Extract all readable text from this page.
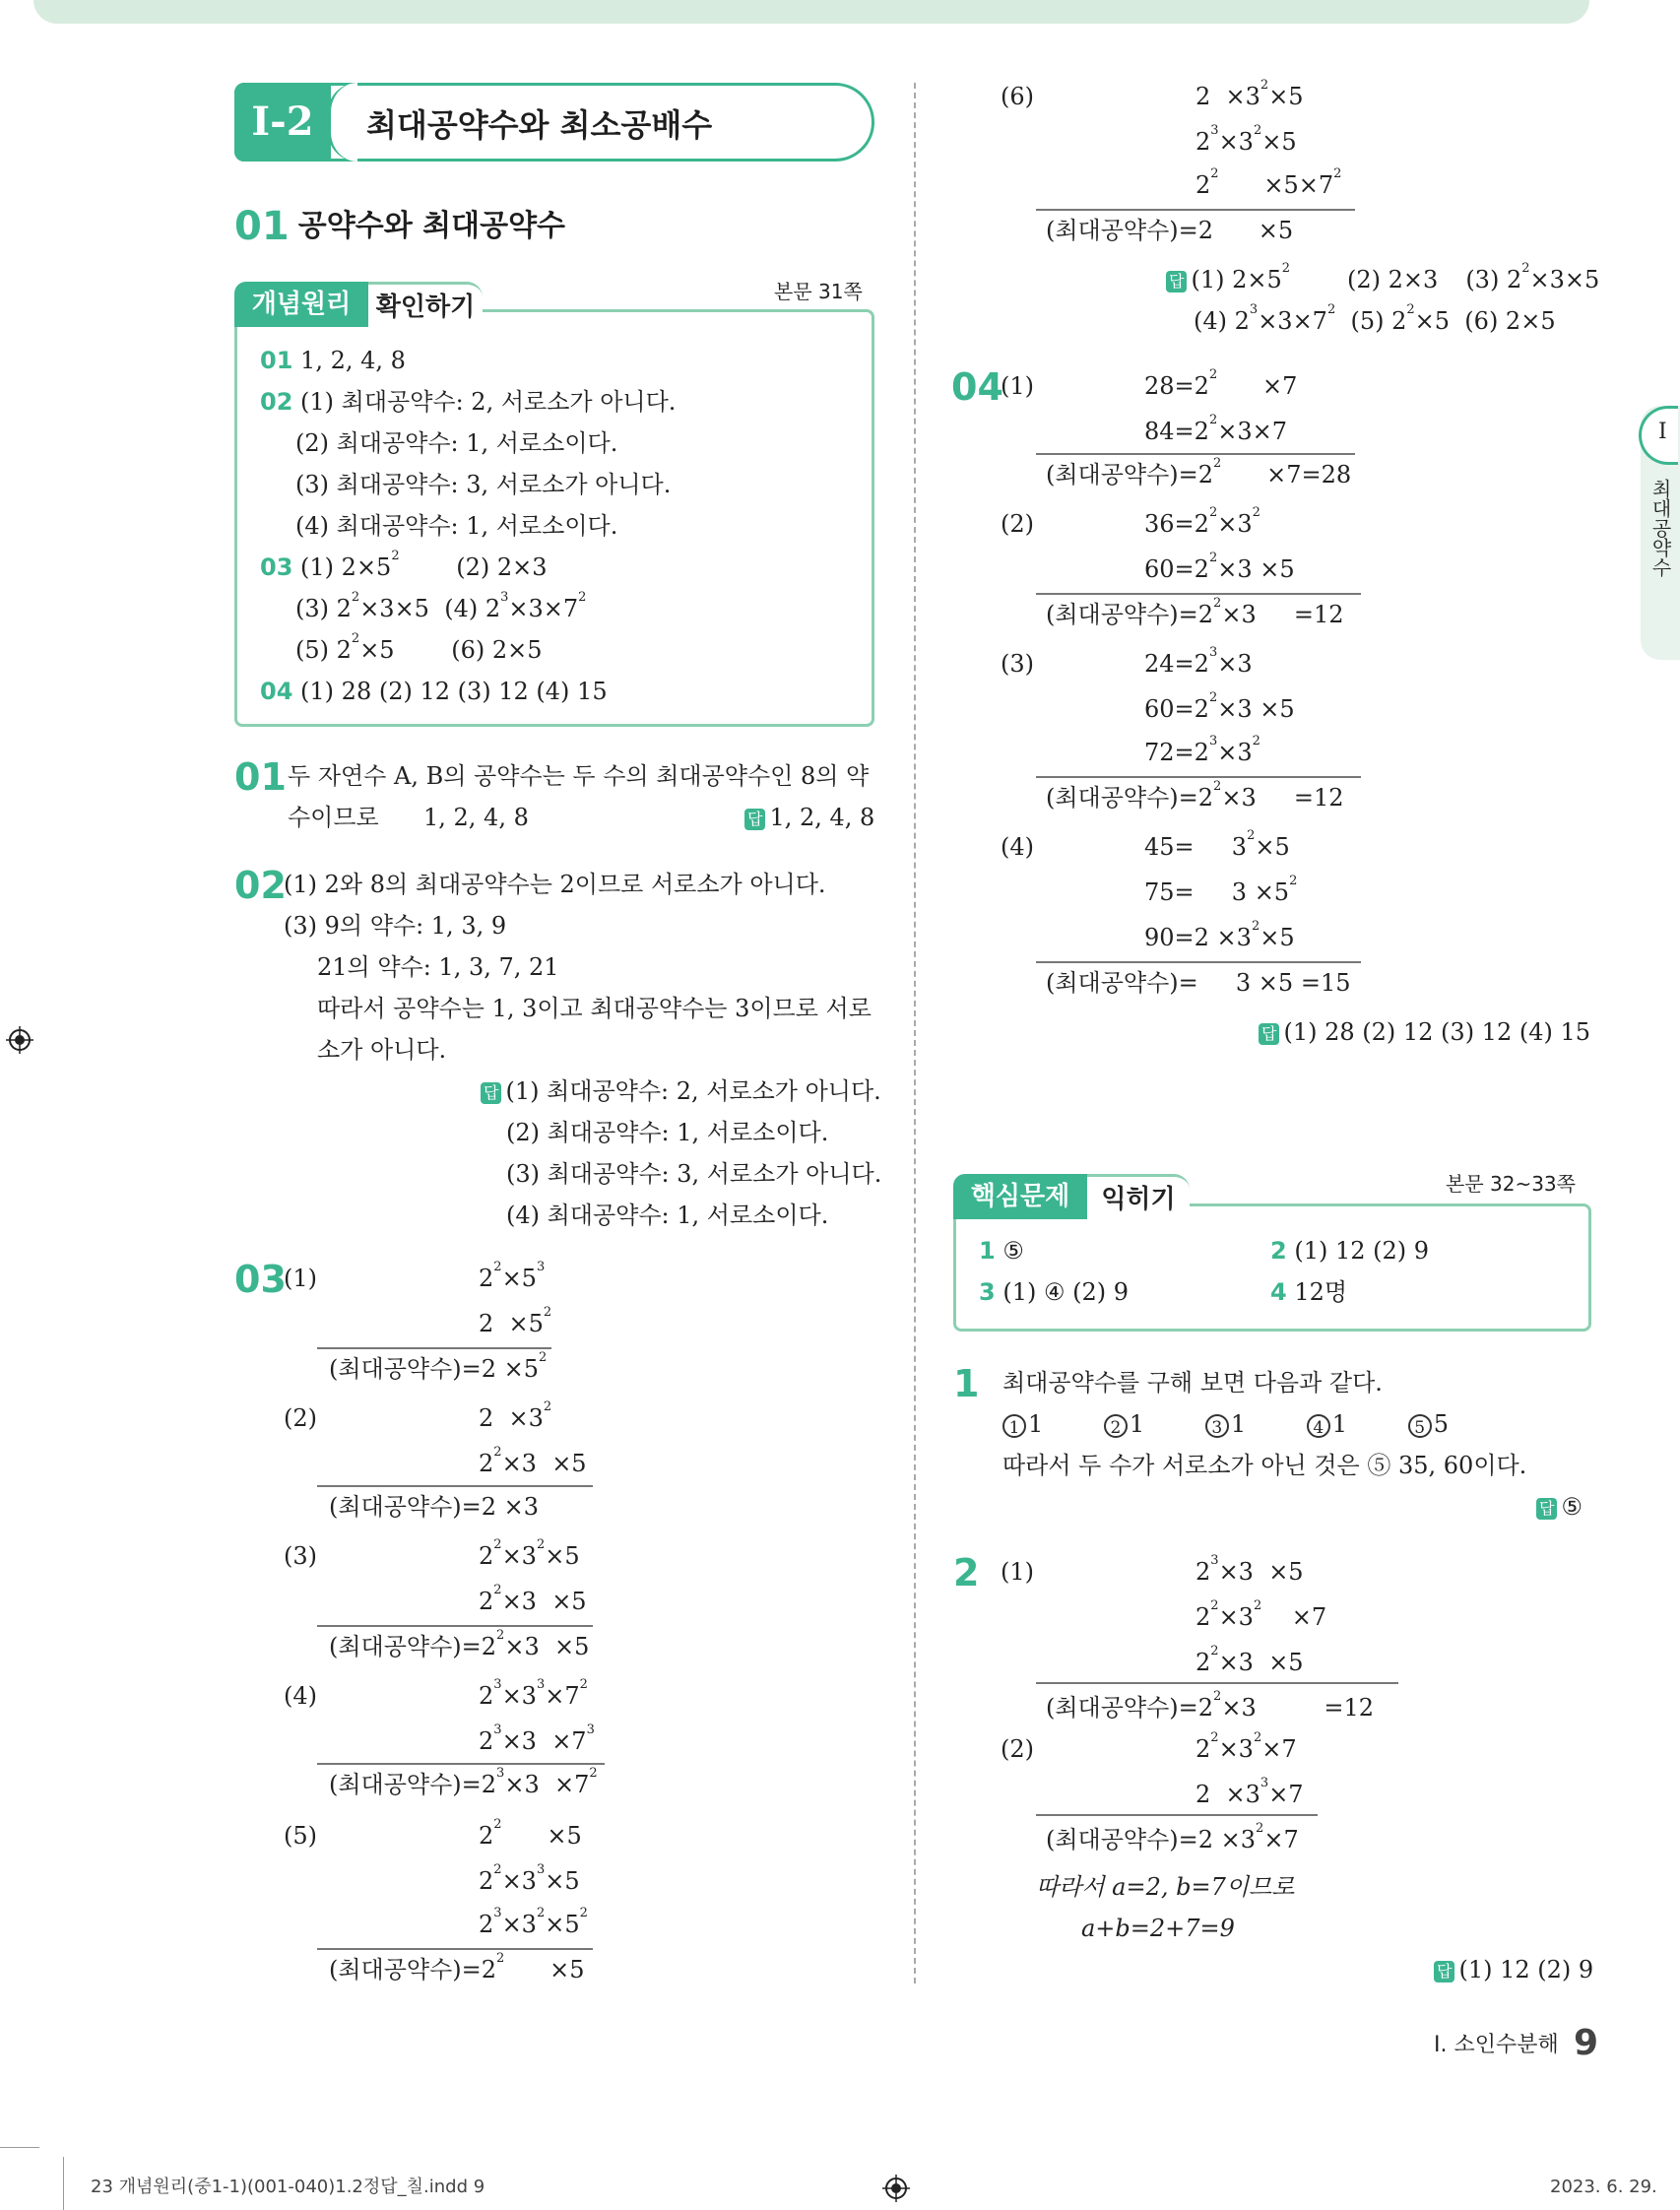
I-2	최대공약수와 최소공배수
01 공약수와 최대공약수
개념원리 확인하기
본문 31쪽
01 1, 2, 4, 8
02 (1) 최대공약수: 2, 서로소가 아니다.
(2) 최대공약수: 1, 서로소이다.
(3) 최대공약수: 3, 서로소가 아니다.
(4) 최대공약수: 1, 서로소이다.
03 (1) $2\times 5^2$ (2) 2×3
(3) $2^2\times 3\times 5$  (4) $2^3\times 3\times 7^2$
(5) $2^2\times 5$ (6) 2×5
04 (1) 28 (2) 12 (3) 12 (4) 15
01 두 자연수 A, B의 공약수는 두 수의 최대공약수인 8의 약
수이므로 1, 2, 4, 8	답 1, 2, 4, 8
02
(1) 2와 8의 최대공약수는 2이므로 서로소가 아니다.
(3) 9의 약수: 1, 3, 9
21의 약수: 1, 3, 7, 21
따라서 공약수는 1, 3이고 최대공약수는 3이므로 서로
소가 아니다.
답 (1) 최대공약수: 2, 서로소가 아니다.
(2) 최대공약수: 1, 서로소이다.
(3) 최대공약수: 3, 서로소가 아니다.
(4) 최대공약수: 1, 서로소이다.
03
(1)	$2^2\times 5^3$
$2 \times 5^2$
(최대공약수)$=2 \times 5^2$
(2)	$2 \times 3^2$
$2^2\times 3 \times 5$
(최대공약수)=2 ×3
(3)	$2^2\times 3^2\times 5$
$2^2\times 3 \times 5$
(최대공약수)$=2^2\times 3 \times 5$
(4)	$2^3\times 3^3\times 7^2$
$2^3\times 3 \times 7^3$
(최대공약수)$=2^3\times 3 \times 7^2$
(5)	$2^2$      ×5
$2^2\times 3^3\times 5$
$2^3\times 3^2\times 5^2$
(최대공약수)$=2^2$      ×5
(6)	$2 \times 3^2\times 5$
$2^3\times 3^2\times 5$
$2^2$      $\times 5\times 7^2$
(최대공약수)=2      ×5
답 (1) $2\times 5^2$ (2) 2×3 (3) $2^2\times 3\times 5$
(4) $2^3\times 3\times 7^2$  (5) $2^2\times 5$  (6) 2×5
04
(1)	$28=2^2$      ×7
$84=2^2\times 3\times 7$
(최대공약수)$=2^2$      ×7=28
(2)	$36=2^2\times 3^2$
$60=2^2\times 3 \times 5$
(최대공약수)$=2^2\times 3$     =12
(3)	$24=2^3\times 3$
$60=2^2\times 3 \times 5$
$72=2^3\times 3^2$
(최대공약수)$=2^2\times 3$     =12
(4)	45=     $3^2\times 5$
75=     $3 \times 5^2$
$90=2 \times 3^2\times 5$
(최대공약수)=     3 ×5 =15
답 (1) 28 (2) 12 (3) 12 (4) 15
핵심문제	익히기
본문 32~33쪽
1 ⑤	2 (1) 12 (2) 9
3 (1) ④ (2) 9	4 12명
1 최대공약수를 구해 보면 다음과 같다.
1 1	2 1	3 1	4 1	5 5
따라서 두 수가 서로소가 아닌 것은 ⑤ 35, 60이다.
답 ⑤
2 (1)	$2^3\times 3 \times 5$
$2^2\times 3^2$    ×7
$2^2\times 3 \times 5$
(최대공약수)$=2^2\times 3$         =12
(2)	$2^2\times 3^2\times 7$
$2 \times 3^3\times 7$
(최대공약수)$=2 \times 3^2\times 7$
따라서 a=2, b=7이므로
a+b=2+7=9
답 (1) 12 (2) 9
I
최대공약수
I. 소인수분해 9
23 개념원리(중1-1)(001-040)1.2정답_칠.indd 9	2023. 6. 29.
